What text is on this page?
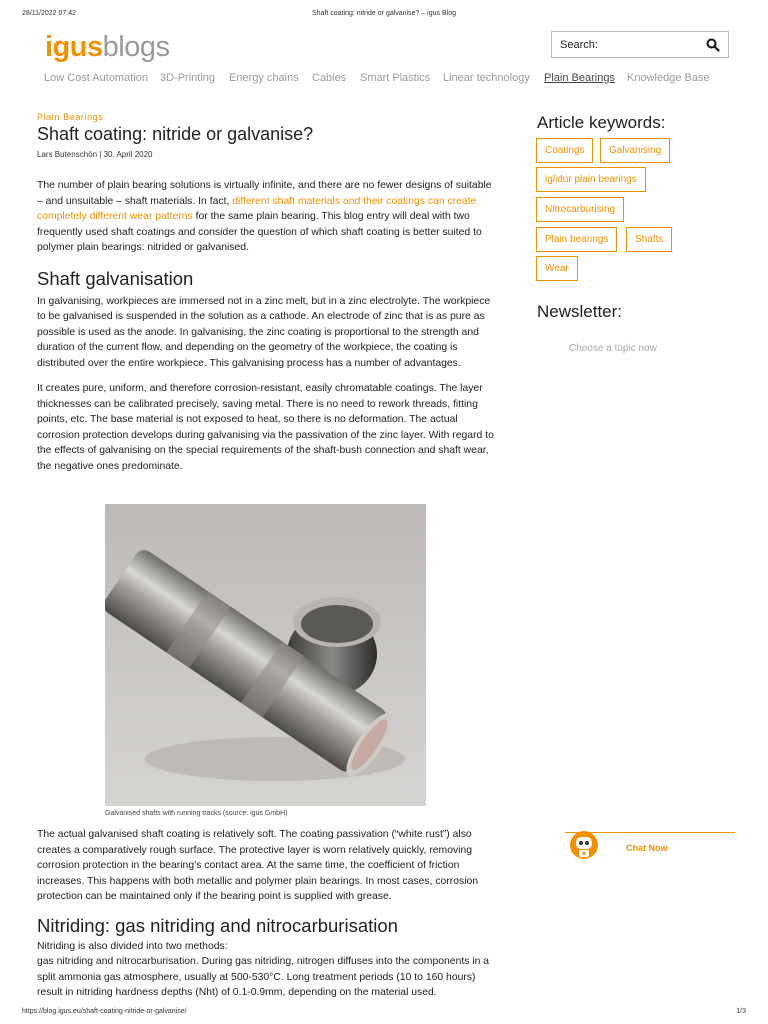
28/11/2022 07:42	Shaft coating: nitride or galvanise? – igus Blog
igusblogs	Search:
Low Cost Automation 3D-Printing Energy chains Cables Smart Plastics Linear technology Plain Bearings Knowledge Base
Plain Bearings
Shaft coating: nitride or galvanise?
Lars Butenschön | 30. April 2020

The number of plain bearing solutions is virtually infinite, and there are no fewer designs of suitable – and unsuitable – shaft materials. In fact, different shaft materials and their coatings can create completely different wear patterns for the same plain bearing. This blog entry will deal with two frequently used shaft coatings and consider the question of which shaft coating is better suited to polymer plain bearings: nitrided or galvanised.

Shaft galvanisation

In galvanising, workpieces are immersed not in a zinc melt, but in a zinc electrolyte. The workpiece to be galvanised is suspended in the solution as a cathode. An electrode of zinc that is as pure as possible is used as the anode. In galvanising, the zinc coating is proportional to the strength and duration of the current flow, and depending on the geometry of the workpiece, the coating is distributed over the entire workpiece. This galvanising process has a number of advantages.

It creates pure, uniform, and therefore corrosion-resistant, easily chromatable coatings. The layer thicknesses can be calibrated precisely, saving metal. There is no need to rework threads, fitting points, etc. The base material is not exposed to heat, so there is no deformation. The actual corrosion protection develops during galvanising via the passivation of the zinc layer. With regard to the effects of galvanising on the special requirements of the shaft-bush connection and shaft wear, the negative ones predominate.

Galvanised shafts with running tracks (source: igus GmbH)

The actual galvanised shaft coating is relatively soft. The coating passivation (“white rust”) also creates a comparatively rough surface. The protective layer is worn relatively quickly, removing corrosion protection in the bearing’s contact area. At the same time, the coefficient of friction increases. This happens with both metallic and polymer plain bearings. In most cases, corrosion protection can be maintained only if the bearing point is supplied with grease.

Nitriding: gas nitriding and nitrocarburisation

Nitriding is also divided into two methods:

gas nitriding and nitrocarburisation. During gas nitriding, nitrogen diffuses into the components in a split ammonia gas atmosphere, usually at 500-530°C. Long treatment periods (10 to 160 hours) result in nitriding hardness depths (Nht) of 0.1-0.9mm, depending on the material used.

Article keywords:
Coatings	Galvanising
iglidur plain bearings
Nitrocarburising
Plain bearings	Shafts
Wear
Newsletter:
Choose a topic now
Chat Now
https://blog.igus.eu/shaft-coating-nitride-or-galvanise/	1/3
